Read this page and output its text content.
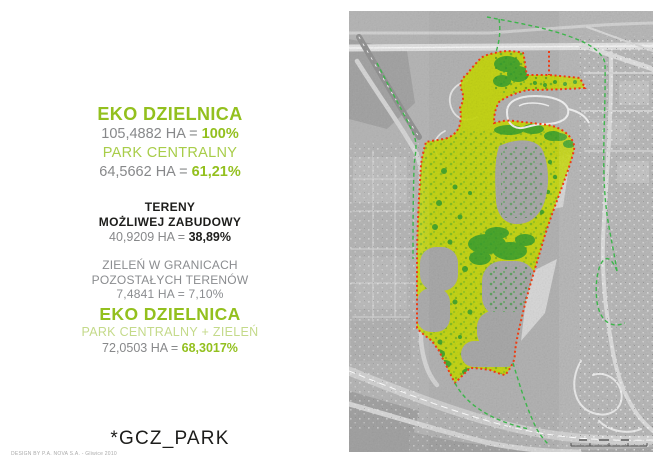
EKO DZIELNICA
105,4882 HA = 100%
PARK CENTRALNY
64,5662 HA = 61,21%
TERENY
MOŻLIWEJ ZABUDOWY
40,9209 HA = 38,89%
ZIELEŃ W GRANICACH
POZOSTAŁYCH TERENÓW
7,4841 HA = 7,10%
EKO DZIELNICA
PARK CENTRALNY + ZIELEŃ
72,0503 HA = 68,3017%
*GCZ_PARK
DESIGN BY P.A. NOVA S.A. - Gliwice 2010
